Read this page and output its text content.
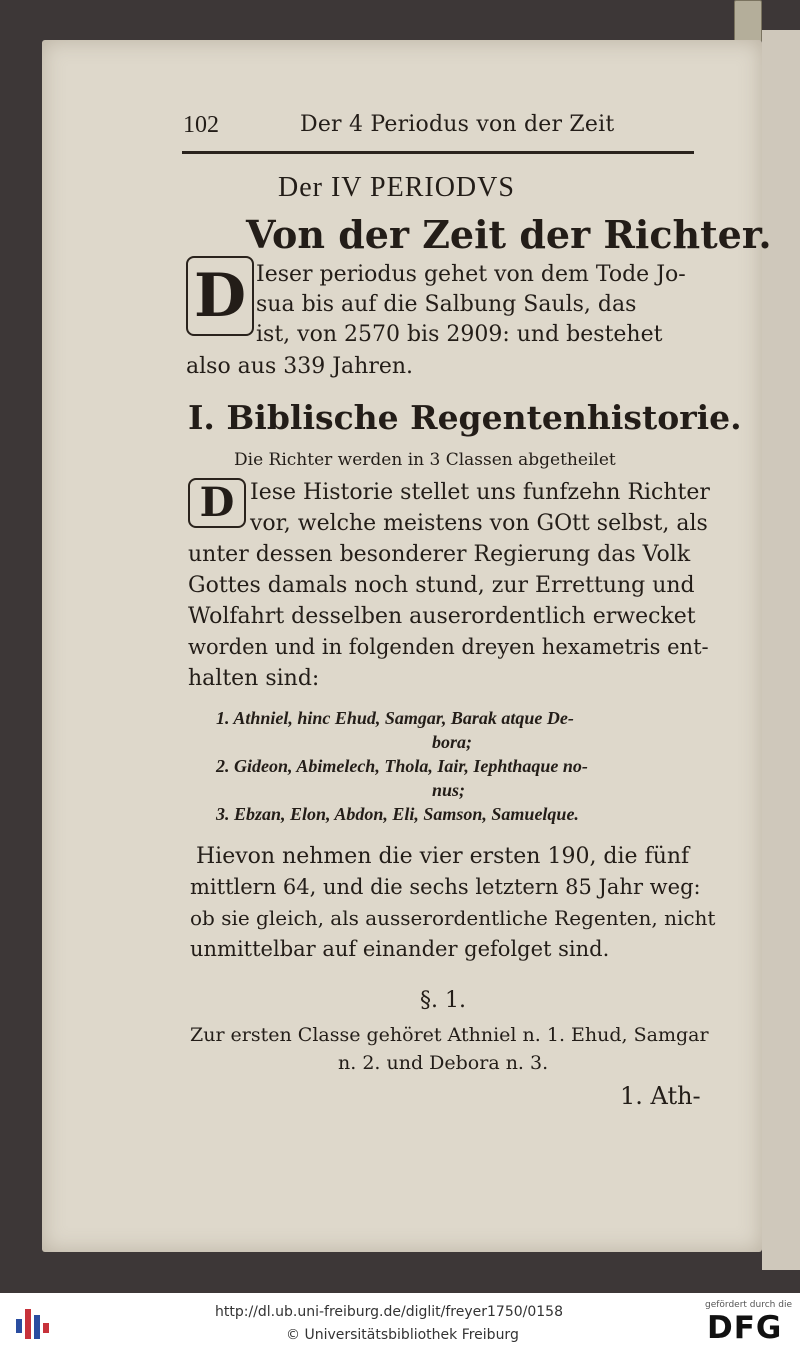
102	Der 4 Periodus von der Zeit
Der IV PERIODVS
Von der Zeit der Richter.
D Ieser periodus gehet von dem Tode Jo-
sua bis auf die Salbung Sauls, das
ist, von 2570 bis 2909: und bestehet
also aus 339 Jahren.
I. Biblische Regentenhistorie.
Die Richter werden in 3 Classen abgetheilet
D Iese Historie stellet uns funfzehn Richter
vor, welche meistens von GOtt selbst, als
unter dessen besonderer Regierung das Volk
Gottes damals noch stund, zur Errettung und
Wolfahrt desselben auserordentlich erwecket
worden und in folgenden dreyen hexametris ent-
halten sind:
1. Athniel, hinc Ehud, Samgar, Barak atque De-
bora;
2. Gideon, Abimelech, Thola, Iair, Iephthaque no-
nus;
3. Ebzan, Elon, Abdon, Eli, Samson, Samuelque.
Hievon nehmen die vier ersten 190, die fünf
mittlern 64, und die sechs letztern 85 Jahr weg:
ob sie gleich, als ausserordentliche Regenten, nicht
unmittelbar auf einander gefolget sind.
§. 1.
Zur ersten Classe gehöret Athniel n. 1. Ehud, Samgar
n. 2. und Debora n. 3.
1. Ath-
http://dl.ub.uni-freiburg.de/diglit/freyer1750/0158
© Universitätsbibliothek Freiburg
gefördert durch die
DFG
